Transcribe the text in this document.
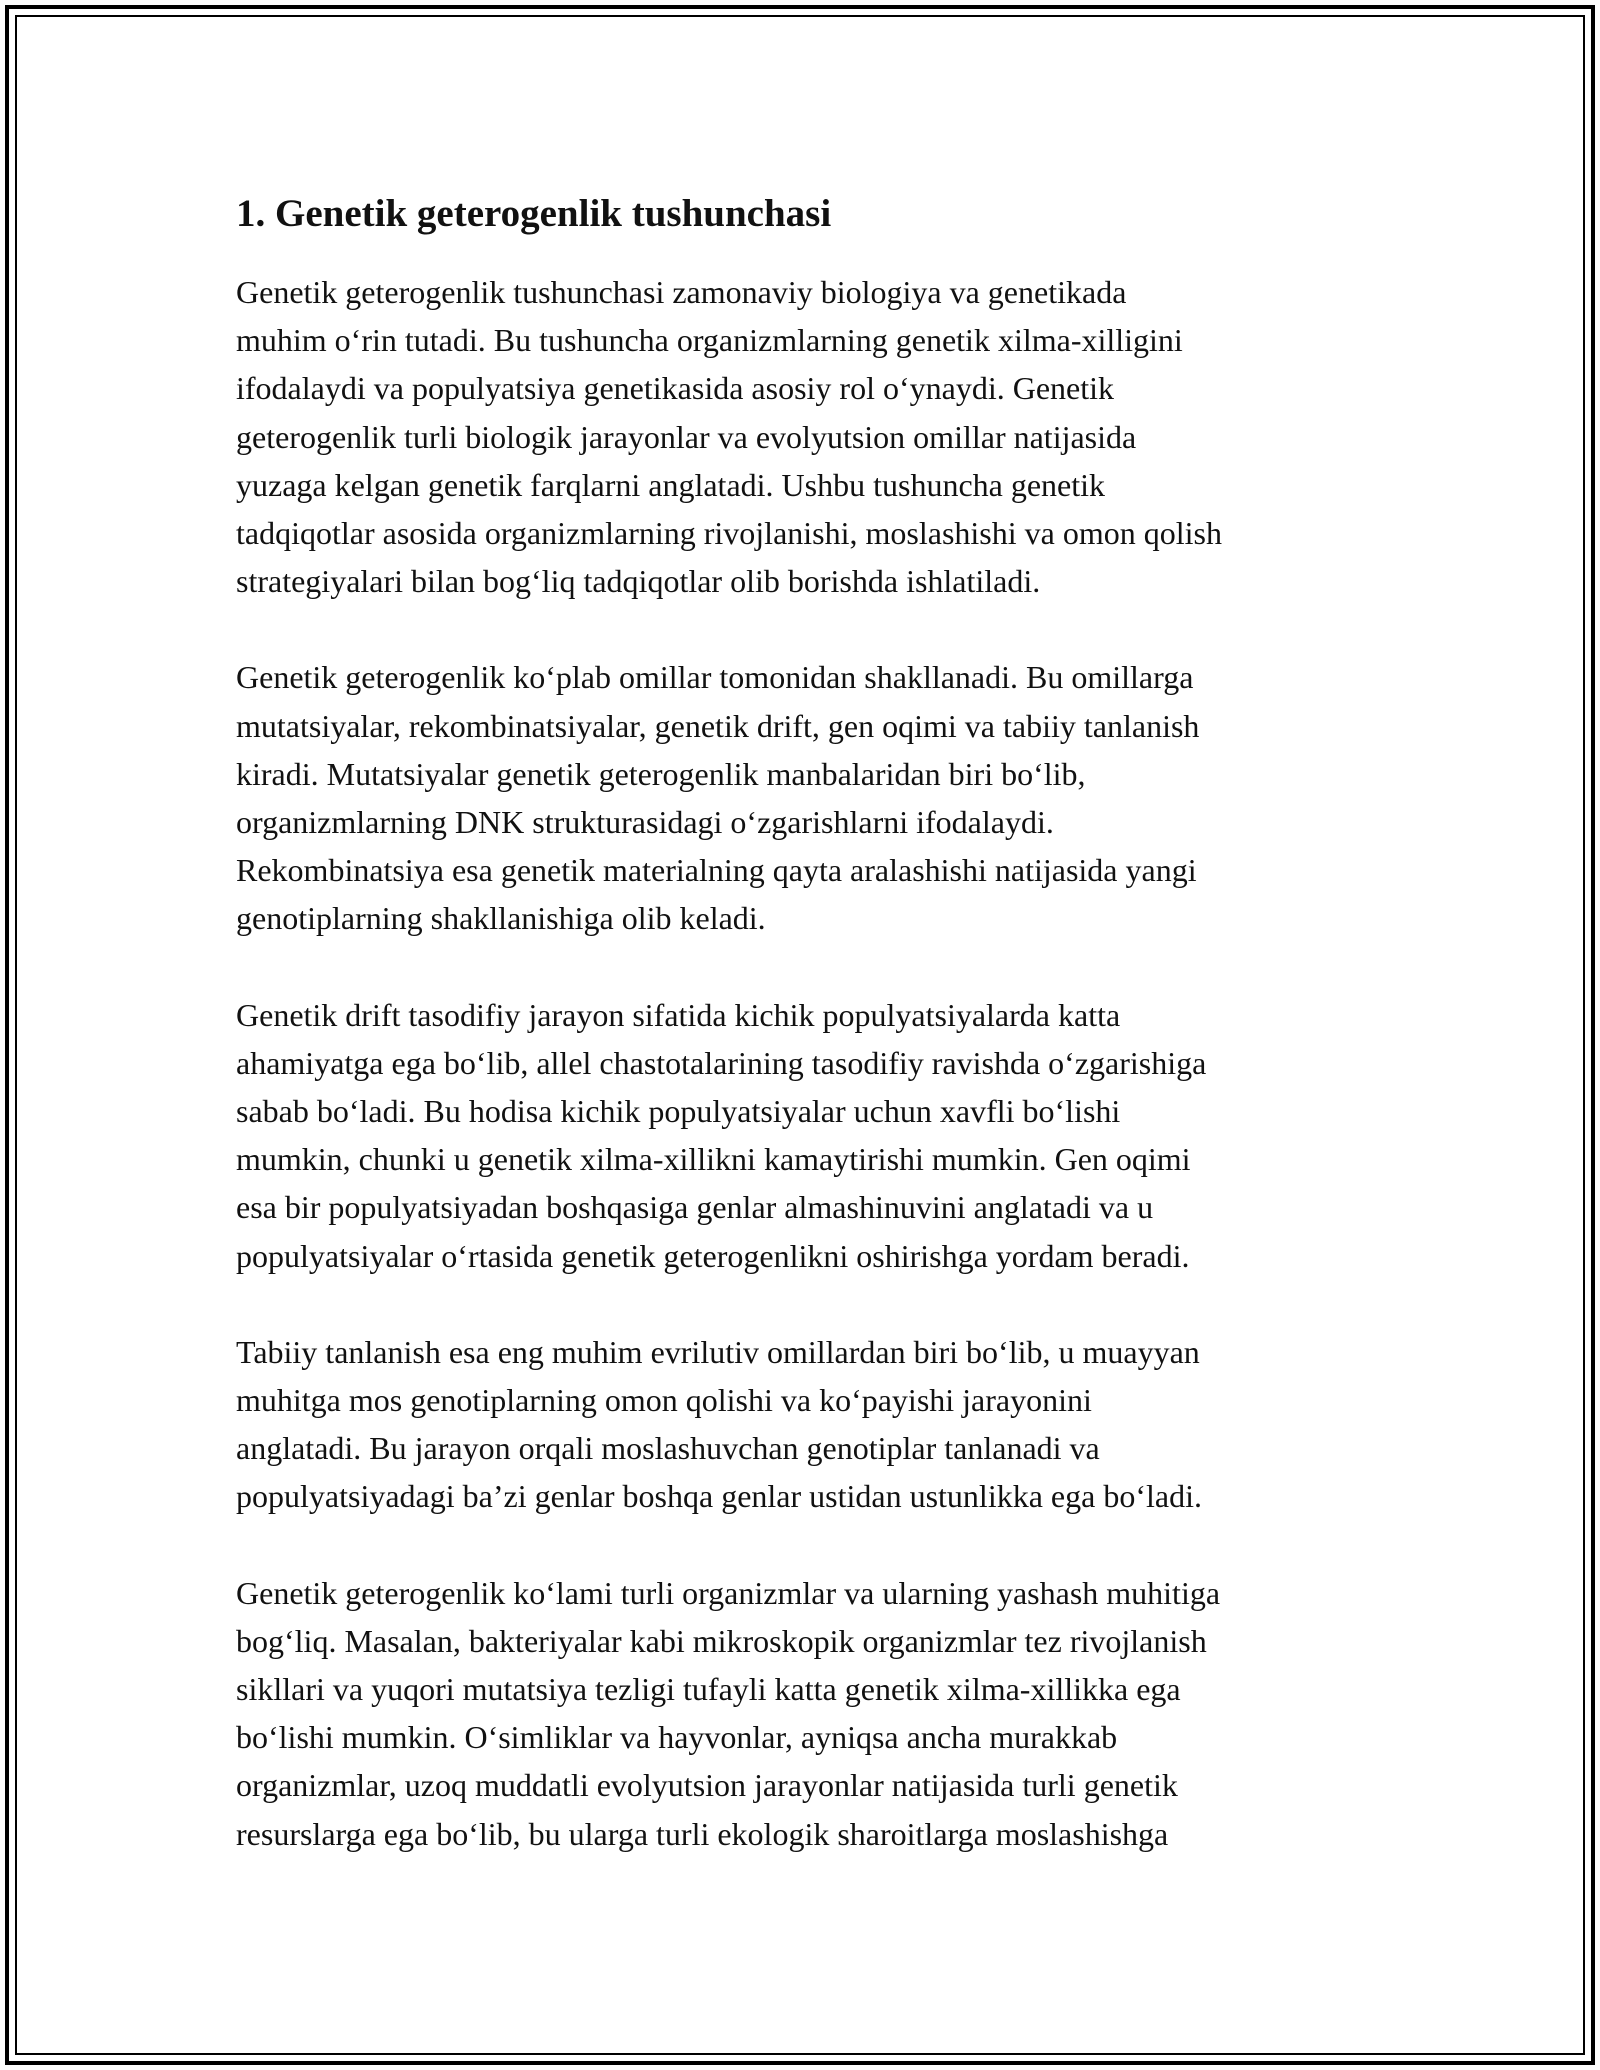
1. Genetik geterogenlik tushunchasi

Genetik geterogenlik tushunchasi zamonaviy biologiya va genetikada
muhim o‘rin tutadi. Bu tushuncha organizmlarning genetik xilma-xilligini
ifodalaydi va populyatsiya genetikasida asosiy rol o‘ynaydi. Genetik
geterogenlik turli biologik jarayonlar va evolyutsion omillar natijasida
yuzaga kelgan genetik farqlarni anglatadi. Ushbu tushuncha genetik
tadqiqotlar asosida organizmlarning rivojlanishi, moslashishi va omon qolish
strategiyalari bilan bog‘liq tadqiqotlar olib borishda ishlatiladi.

Genetik geterogenlik ko‘plab omillar tomonidan shakllanadi. Bu omillarga
mutatsiyalar, rekombinatsiyalar, genetik drift, gen oqimi va tabiiy tanlanish
kiradi. Mutatsiyalar genetik geterogenlik manbalaridan biri bo‘lib,
organizmlarning DNK strukturasidagi o‘zgarishlarni ifodalaydi.
Rekombinatsiya esa genetik materialning qayta aralashishi natijasida yangi
genotiplarning shakllanishiga olib keladi.

Genetik drift tasodifiy jarayon sifatida kichik populyatsiyalarda katta
ahamiyatga ega bo‘lib, allel chastotalarining tasodifiy ravishda o‘zgarishiga
sabab bo‘ladi. Bu hodisa kichik populyatsiyalar uchun xavfli bo‘lishi
mumkin, chunki u genetik xilma-xillikni kamaytirishi mumkin. Gen oqimi
esa bir populyatsiyadan boshqasiga genlar almashinuvini anglatadi va u
populyatsiyalar o‘rtasida genetik geterogenlikni oshirishga yordam beradi.

Tabiiy tanlanish esa eng muhim evrilutiv omillardan biri bo‘lib, u muayyan
muhitga mos genotiplarning omon qolishi va ko‘payishi jarayonini
anglatadi. Bu jarayon orqali moslashuvchan genotiplar tanlanadi va
populyatsiyadagi ba’zi genlar boshqa genlar ustidan ustunlikka ega bo‘ladi.

Genetik geterogenlik ko‘lami turli organizmlar va ularning yashash muhitiga
bog‘liq. Masalan, bakteriyalar kabi mikroskopik organizmlar tez rivojlanish
sikllari va yuqori mutatsiya tezligi tufayli katta genetik xilma-xillikka ega
bo‘lishi mumkin. O‘simliklar va hayvonlar, ayniqsa ancha murakkab
organizmlar, uzoq muddatli evolyutsion jarayonlar natijasida turli genetik
resurslarga ega bo‘lib, bu ularga turli ekologik sharoitlarga moslashishga
